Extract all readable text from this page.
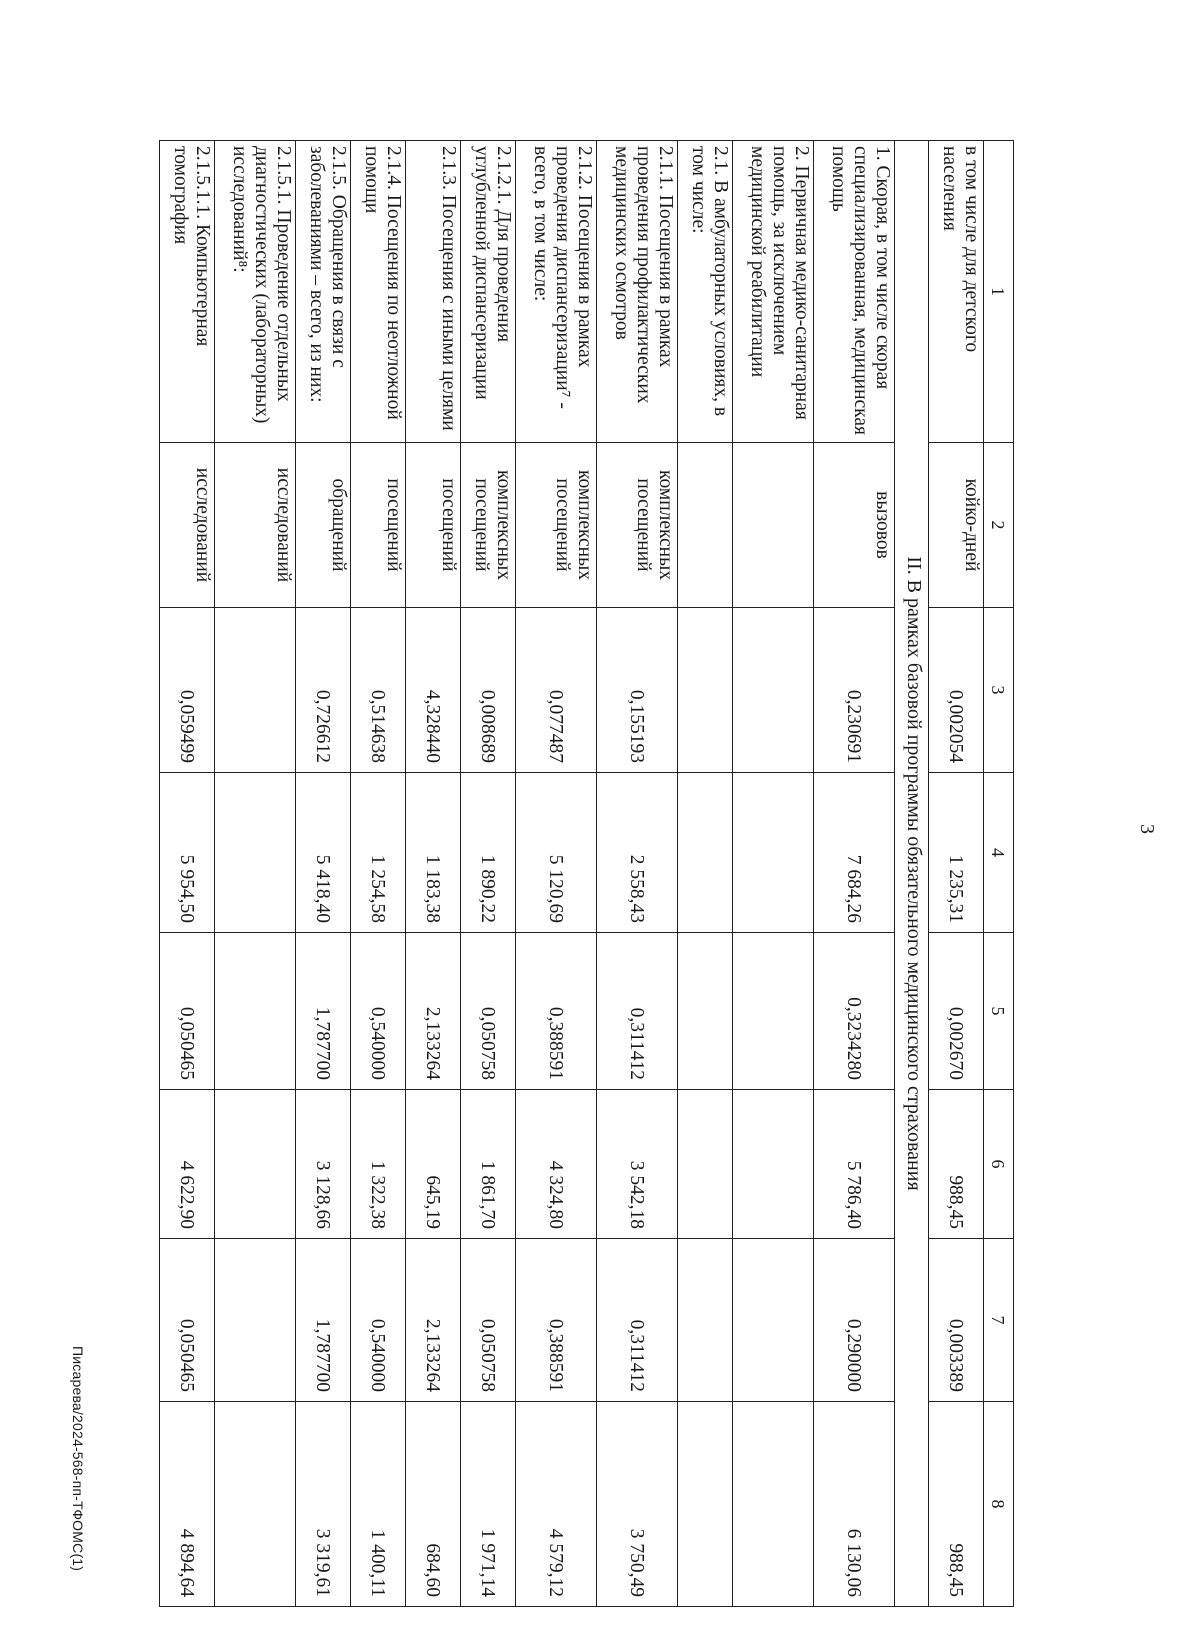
3
1	2	3	4	5	6	7	8
в том числе для детского населения	койко-дней	0,002054	1 235,31	0,002670	988,45	0,003389	988,45
II. В рамках базовой программы обязательного медицинского страхования							
1. Скорая, в том числе скорая специализированная, медицинская помощь	вызовов	0,230691	7 684,26	0,3234280	5 786,40	0,290000	6 130,06
2. Первичная медико-санитарная помощь, за исключением медицинской реабилитации							
2.1. В амбулаторных условиях, в том числе:							
2.1.1. Посещения в рамках проведения профилактических медицинских осмотров	комплексных посещений	0,155193	2 558,43	0,311412	3 542,18	0,311412	3 750,49
2.1.2. Посещения в рамках проведения диспансеризации⁷ - всего, в том числе:	комплексных посещений	0,077487	5 120,69	0,388591	4 324,80	0,388591	4 579,12
2.1.2.1. Для проведения углубленной диспансеризации	комплексных посещений	0,008689	1 890,22	0,050758	1 861,70	0,050758	1 971,14
2.1.3. Посещения с иными целями	посещений	4,328440	1 183,38	2,133264	645,19	2,133264	684,60
2.1.4. Посещения по неотложной помощи	посещений	0,514638	1 254,58	0,540000	1 322,38	0,540000	1 400,11
2.1.5. Обращения в связи с заболеваниями – всего, из них:	обращений	0,726612	5 418,40	1,787700	3 128,66	1,787700	3 319,61
2.1.5.1. Проведение отдельных диагностических (лабораторных) исследований⁸:	исследований						
2.1.5.1.1. Компьютерная томография	исследований	0,059499	5 954,50	0,050465	4 622,90	0,050465	4 894,64
Писарева/2024-568-пп-ТФОМС(1)
